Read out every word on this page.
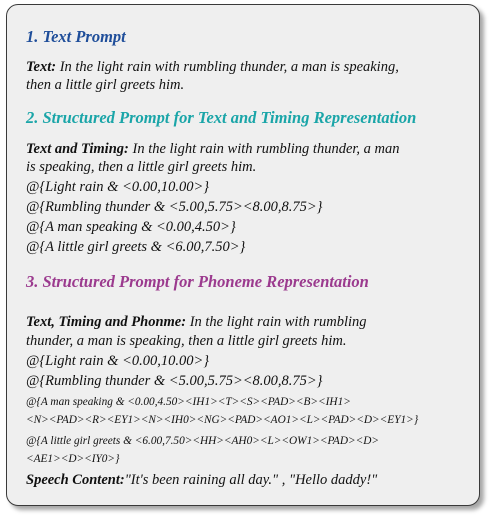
1. Text Prompt
Text: In the light rain with rumbling thunder, a man is speaking,
then a little girl greets him.
2. Structured Prompt for Text and Timing Representation
Text and Timing: In the light rain with rumbling thunder, a man
is speaking, then a little girl greets him.
@{Light rain & <0.00,10.00>}
@{Rumbling thunder & <5.00,5.75><8.00,8.75>}
@{A man speaking & <0.00,4.50>}
@{A little girl greets & <6.00,7.50>}
3. Structured Prompt for Phoneme Representation
Text, Timing and Phonme: In the light rain with rumbling
thunder, a man is speaking, then a little girl greets him.
@{Light rain & <0.00,10.00>}
@{Rumbling thunder & <5.00,5.75><8.00,8.75>}
@{A man speaking & <0.00,4.50><IH1><T><S><PAD><B><IH1>
<N><PAD><R><EY1><N><IH0><NG><PAD><AO1><L><PAD><D><EY1>}
@{A little girl greets & <6.00,7.50><HH><AH0><L><OW1><PAD><D>
<AE1><D><IY0>}
Speech Content:"It's been raining all day." , "Hello daddy!"
